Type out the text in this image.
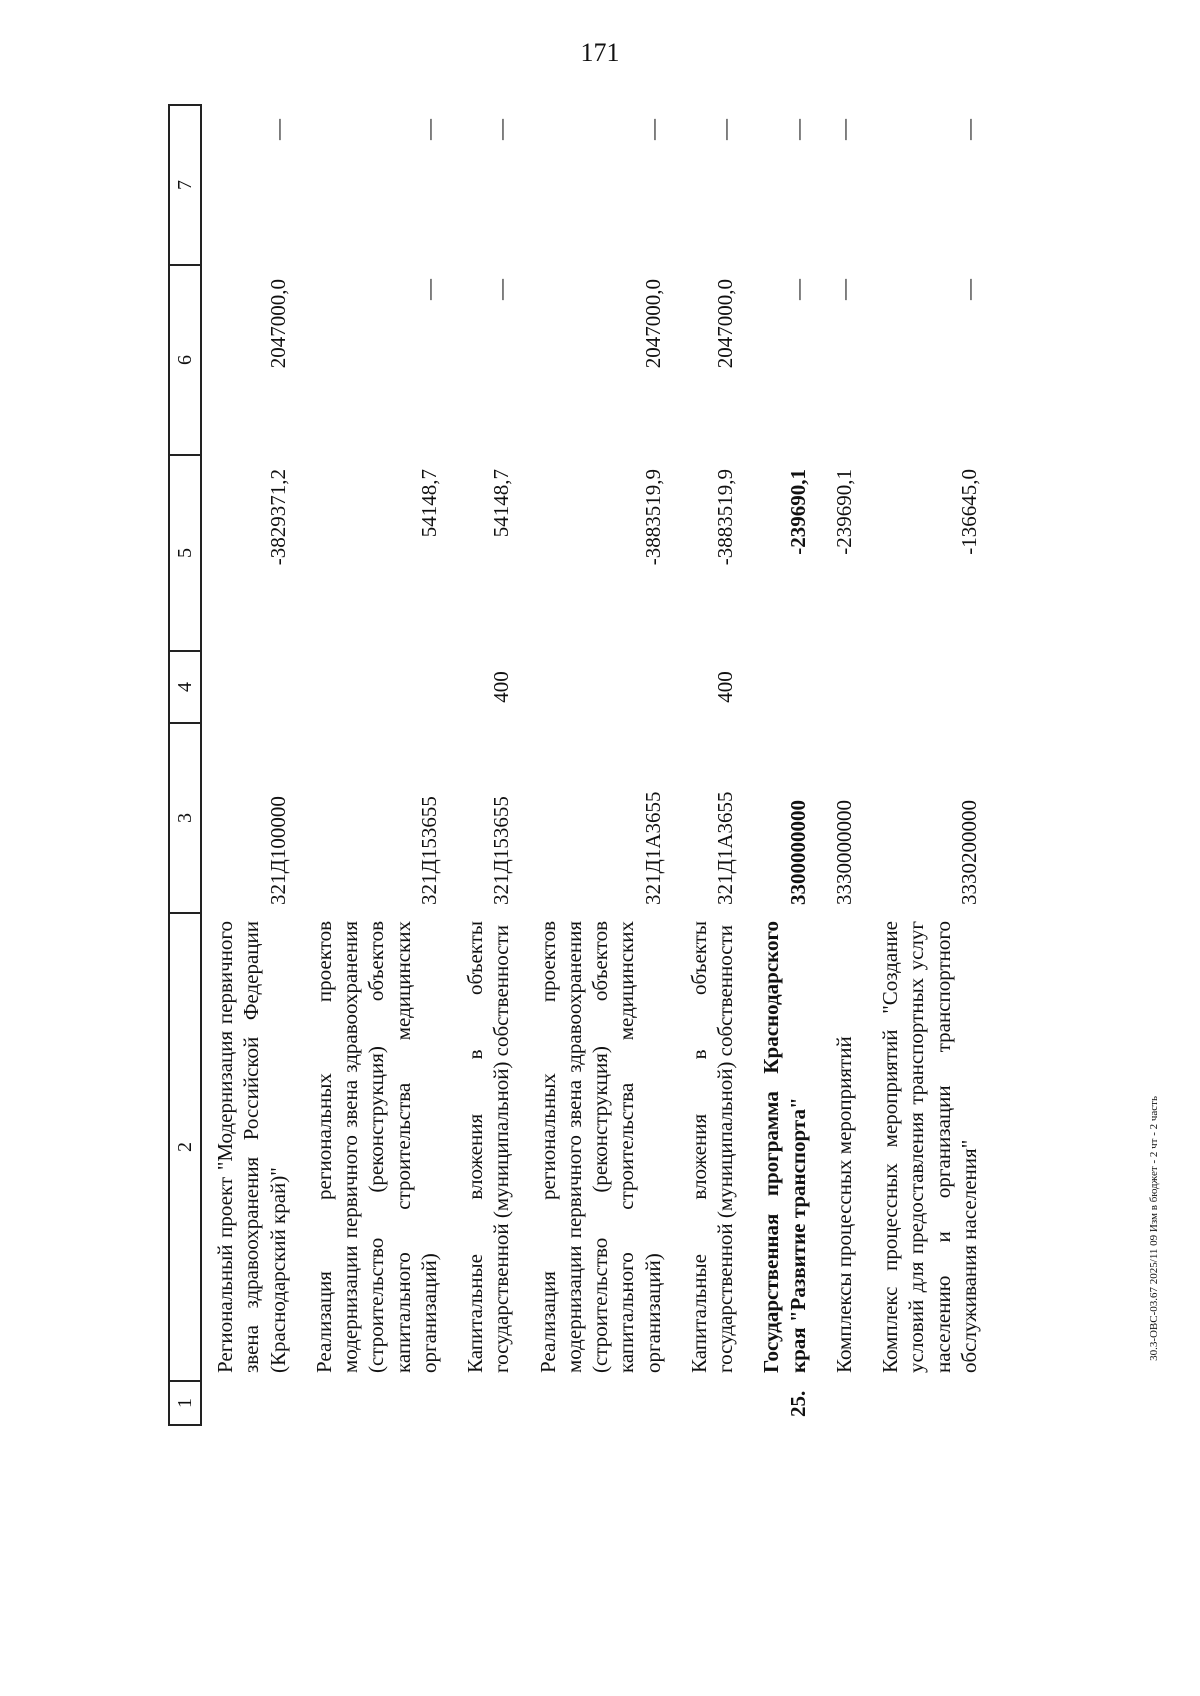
171
1	2	3	4	5	6	7
	Региональный проект "Модернизация первичного звена здравоохранения Российской Федерации (Краснодарский край)"	321Д100000		-3829371,2	2047000,0	—
	Реализация региональных проектов модернизации первичного звена здравоохранения (строительство (реконструкция) объектов капитального строительства медицинских организаций)	321Д153655		54148,7	—	—
	Капитальные вложения в объекты государственной (муниципальной) собственности	321Д153655	400	54148,7	—	—
	Реализация региональных проектов модернизации первичного звена здравоохранения (строительство (реконструкция) объектов капитального строительства медицинских организаций)	321Д1А3655		-3883519,9	2047000,0	—
	Капитальные вложения в объекты государственной (муниципальной) собственности	321Д1А3655	400	-3883519,9	2047000,0	—
25.	Государственная программа Краснодарского края "Развитие транспорта"	3300000000		-239690,1	—	—
	Комплексы процессных мероприятий	3330000000		-239690,1	—	—
	Комплекс процессных мероприятий "Создание условий для предоставления транспортных услуг населению и организации транспортного обслуживания населения"	3330200000		-136645,0	—	—
30.3-ОВС-03.67 2025/11 09 Изм в бюджет - 2 чт - 2 часть
